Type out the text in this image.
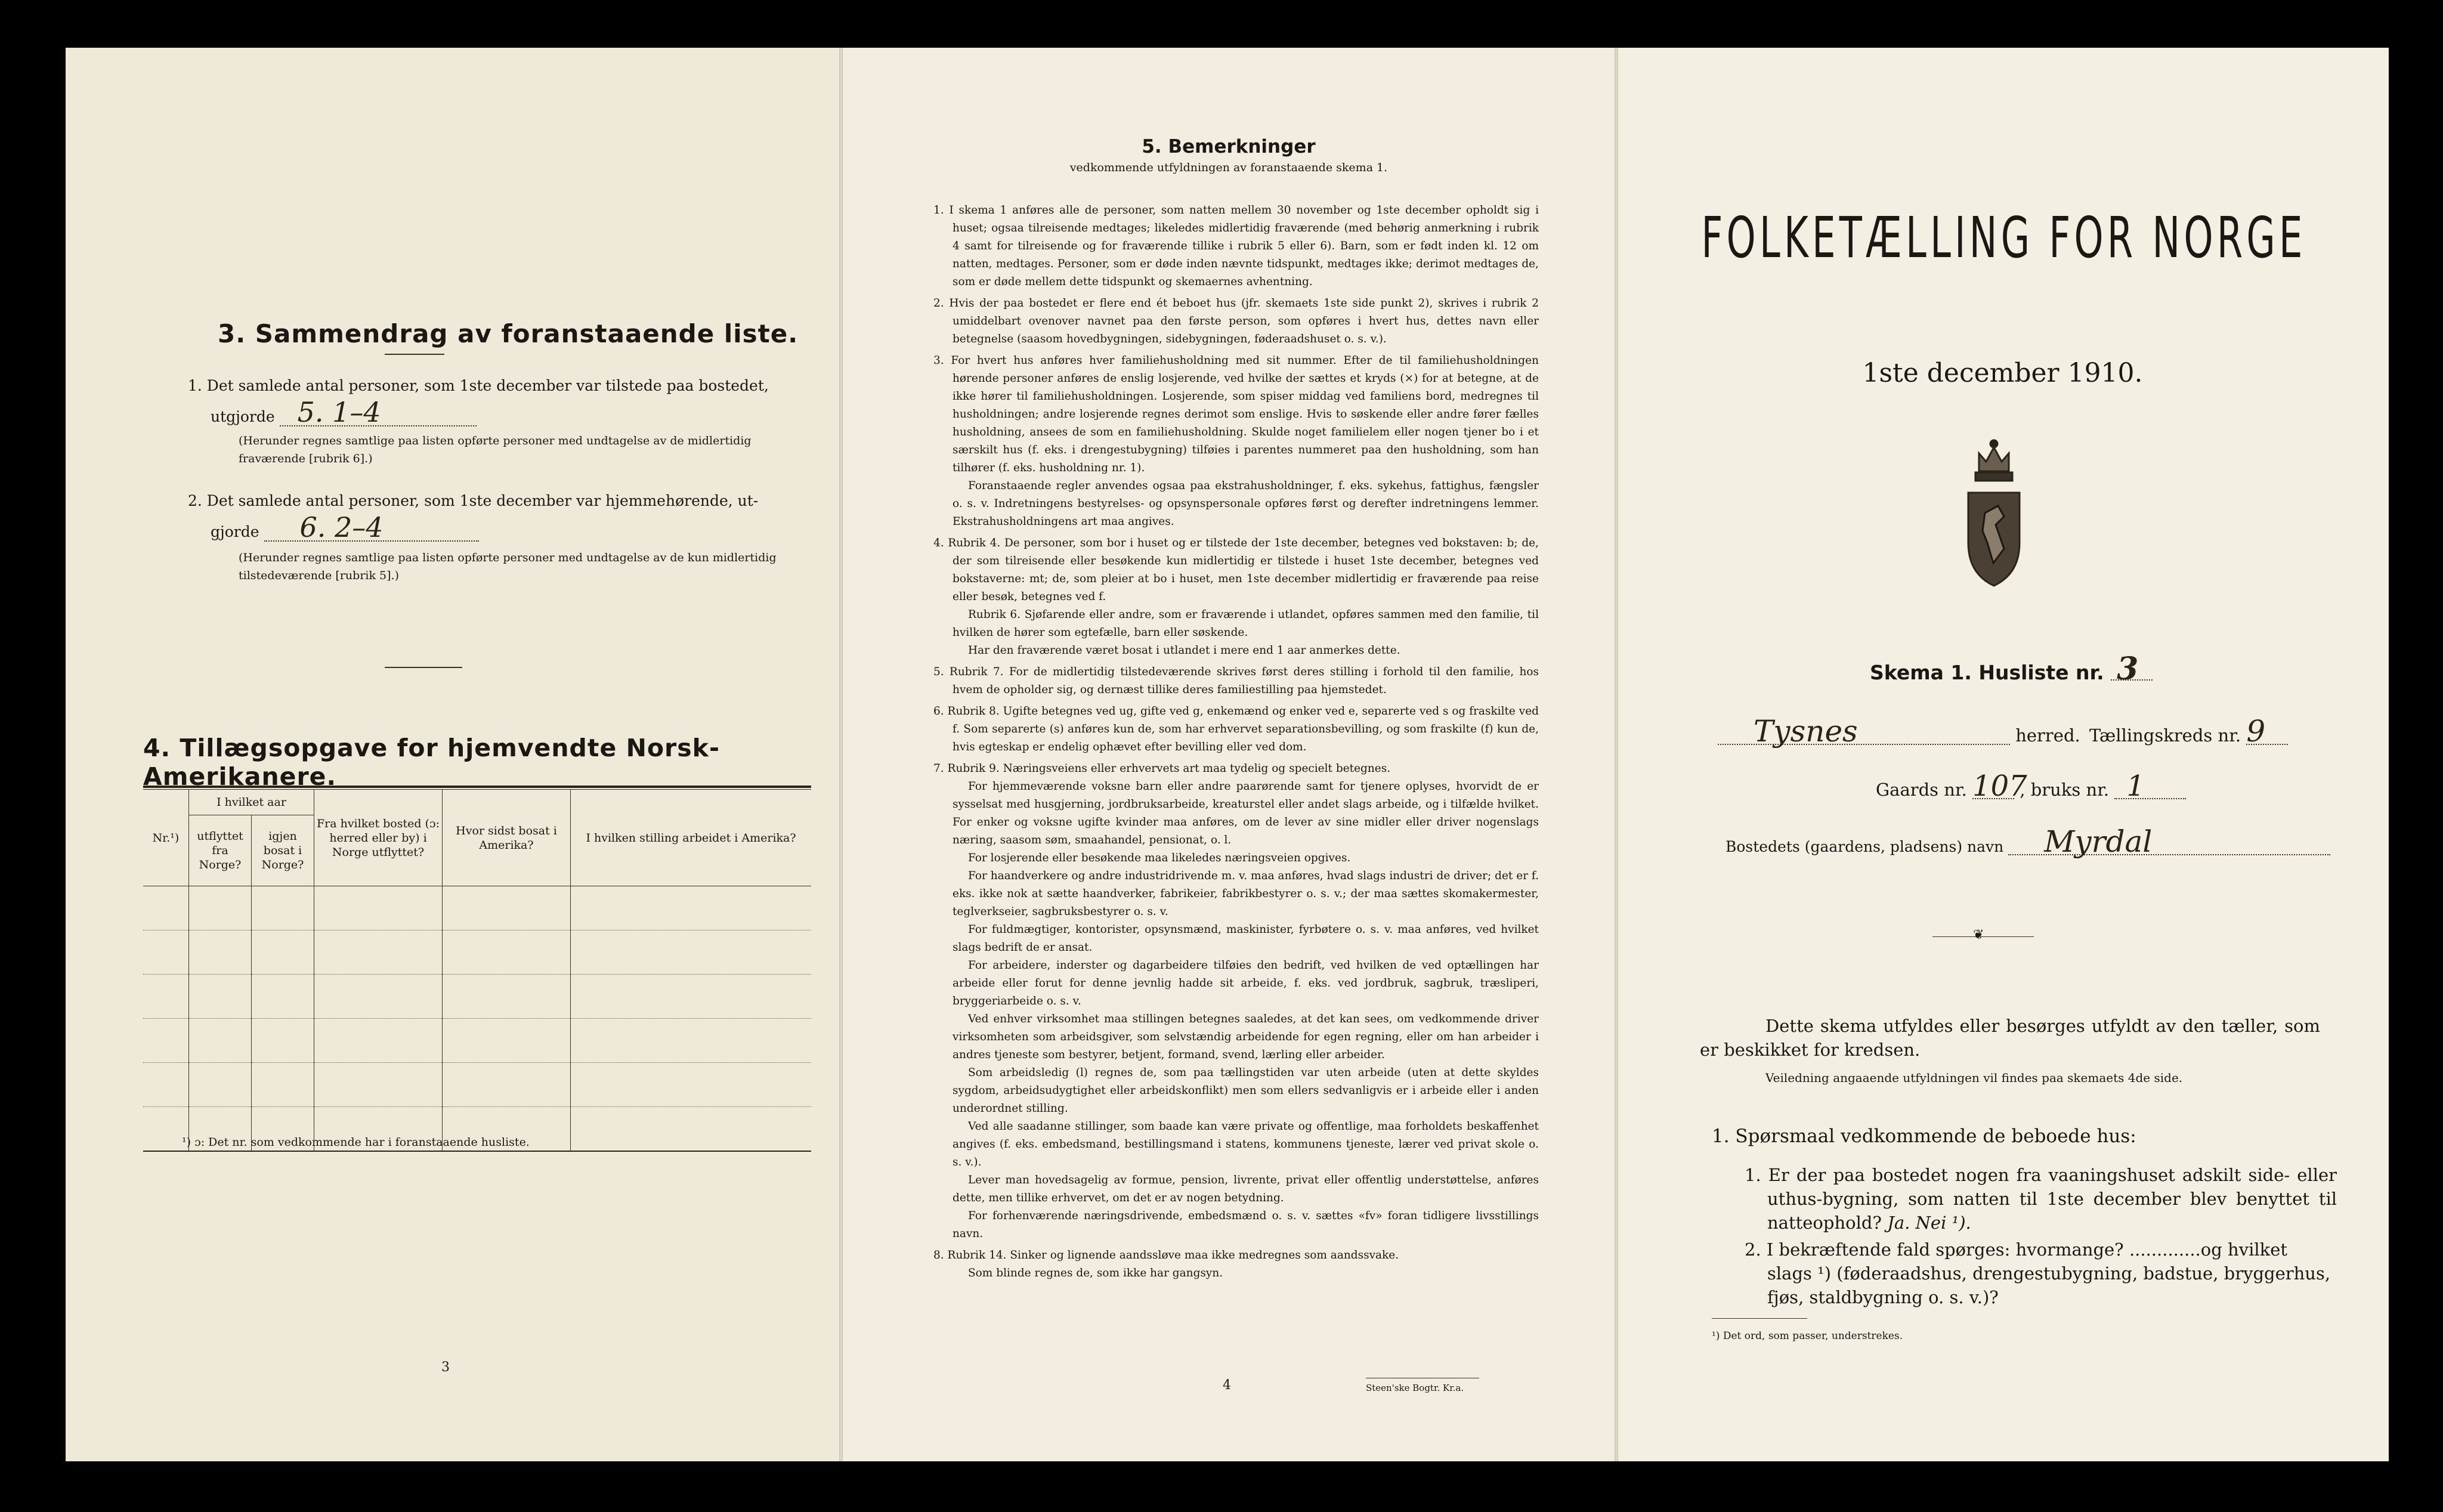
3. Sammendrag av foranstaaende liste.
1. Det samlede antal personer, som 1ste december var tilstede paa bostedet,
utgjorde 5. 1–4
(Herunder regnes samtlige paa listen opførte personer med undtagelse av de midlertidig fraværende [rubrik 6].)
2. Det samlede antal personer, som 1ste december var hjemmehørende, ut-
gjorde 6. 2–4
(Herunder regnes samtlige paa listen opførte personer med undtagelse av de kun midlertidig tilstedeværende [rubrik 5].)
4. Tillægsopgave for hjemvendte Norsk-Amerikanere.
Nr.¹)	I hvilket aar		Fra hvilket bosted (ɔ: herred eller by) i Norge utflyttet?	Hvor sidst bosat i Amerika?	I hvilken stilling arbeidet i Amerika?
	utflyttet fra Norge?	igjen bosat i Norge?			

¹) ɔ: Det nr. som vedkommende har i foranstaaende husliste.
3
5. Bemerkninger
vedkommende utfyldningen av foranstaaende skema 1.

1. I skema 1 anføres alle de personer, som natten mellem 30 november og 1ste december opholdt sig i huset; ogsaa tilreisende medtages; likeledes midlertidig fraværende (med behørig anmerkning i rubrik 4 samt for tilreisende og for fraværende tillike i rubrik 5 eller 6). Barn, som er født inden kl. 12 om natten, medtages. Personer, som er døde inden nævnte tidspunkt, medtages ikke; derimot medtages de, som er døde mellem dette tidspunkt og skemaernes avhentning.

2. Hvis der paa bostedet er flere end ét beboet hus (jfr. skemaets 1ste side punkt 2), skrives i rubrik 2 umiddelbart ovenover navnet paa den første person, som opføres i hvert hus, dettes navn eller betegnelse (saasom hovedbygningen, sidebygningen, føderaadshuset o. s. v.).

3. For hvert hus anføres hver familiehusholdning med sit nummer. Efter de til familiehusholdningen hørende personer anføres de enslig losjerende, ved hvilke der sættes et kryds (×) for at betegne, at de ikke hører til familiehusholdningen. Losjerende, som spiser middag ved familiens bord, medregnes til husholdningen; andre losjerende regnes derimot som enslige. Hvis to søskende eller andre fører fælles husholdning, ansees de som en familiehusholdning. Skulde noget familielem eller nogen tjener bo i et særskilt hus (f. eks. i drengestubygning) tilføies i parentes nummeret paa den husholdning, som han tilhører (f. eks. husholdning nr. 1).

Foranstaaende regler anvendes ogsaa paa ekstrahusholdninger, f. eks. sykehus, fattighus, fængsler o. s. v. Indretningens bestyrelses- og opsynspersonale opføres først og derefter indretningens lemmer. Ekstrahusholdningens art maa angives.

4. Rubrik 4. De personer, som bor i huset og er tilstede der 1ste december, betegnes ved bokstaven: b; de, der som tilreisende eller besøkende kun midlertidig er tilstede i huset 1ste december, betegnes ved bokstaverne: mt; de, som pleier at bo i huset, men 1ste december midlertidig er fraværende paa reise eller besøk, betegnes ved f.

Rubrik 6. Sjøfarende eller andre, som er fraværende i utlandet, opføres sammen med den familie, til hvilken de hører som egtefælle, barn eller søskende.

Har den fraværende været bosat i utlandet i mere end 1 aar anmerkes dette.

5. Rubrik 7. For de midlertidig tilstedeværende skrives først deres stilling i forhold til den familie, hos hvem de opholder sig, og dernæst tillike deres familiestilling paa hjemstedet.

6. Rubrik 8. Ugifte betegnes ved ug, gifte ved g, enkemænd og enker ved e, separerte ved s og fraskilte ved f. Som separerte (s) anføres kun de, som har erhvervet separationsbevilling, og som fraskilte (f) kun de, hvis egteskap er endelig ophævet efter bevilling eller ved dom.

7. Rubrik 9. Næringsveiens eller erhvervets art maa tydelig og specielt betegnes.

For hjemmeværende voksne barn eller andre paarørende samt for tjenere oplyses, hvorvidt de er sysselsat med husgjerning, jordbruksarbeide, kreaturstel eller andet slags arbeide, og i tilfælde hvilket. For enker og voksne ugifte kvinder maa anføres, om de lever av sine midler eller driver nogenslags næring, saasom søm, smaahandel, pensionat, o. l.

For losjerende eller besøkende maa likeledes næringsveien opgives.

For haandverkere og andre industridrivende m. v. maa anføres, hvad slags industri de driver; det er f. eks. ikke nok at sætte haandverker, fabrikeier, fabrikbestyrer o. s. v.; der maa sættes skomakermester, teglverkseier, sagbruksbestyrer o. s. v.

For fuldmægtiger, kontorister, opsynsmænd, maskinister, fyrbøtere o. s. v. maa anføres, ved hvilket slags bedrift de er ansat.

For arbeidere, inderster og dagarbeidere tilføies den bedrift, ved hvilken de ved optællingen har arbeide eller forut for denne jevnlig hadde sit arbeide, f. eks. ved jordbruk, sagbruk, træsliperi, bryggeriarbeide o. s. v.

Ved enhver virksomhet maa stillingen betegnes saaledes, at det kan sees, om vedkommende driver virksomheten som arbeidsgiver, som selvstændig arbeidende for egen regning, eller om han arbeider i andres tjeneste som bestyrer, betjent, formand, svend, lærling eller arbeider.

Som arbeidsledig (l) regnes de, som paa tællingstiden var uten arbeide (uten at dette skyldes sygdom, arbeidsudygtighet eller arbeidskonflikt) men som ellers sedvanligvis er i arbeide eller i anden underordnet stilling.

Ved alle saadanne stillinger, som baade kan være private og offentlige, maa forholdets beskaffenhet angives (f. eks. embedsmand, bestillingsmand i statens, kommunens tjeneste, lærer ved privat skole o. s. v.).

Lever man hovedsagelig av formue, pension, livrente, privat eller offentlig understøttelse, anføres dette, men tillike erhvervet, om det er av nogen betydning.

For forhenværende næringsdrivende, embedsmænd o. s. v. sættes «fv» foran tidligere livsstillings navn.

8. Rubrik 14. Sinker og lignende aandssløve maa ikke medregnes som aandssvake.

Som blinde regnes de, som ikke har gangsyn.

4	Steen'ske Bogtr. Kr.a.
FOLKETÆLLING FOR NORGE
1ste december 1910.
Skema 1. Husliste nr. 3
Tysnes	herred. Tællingskreds nr. 9
Gaards nr. 107 , bruks nr. 1
Bostedets (gaardens, pladsens) navn Myrdal
❦
Dette skema utfyldes eller besørges utfyldt av den tæller, som er beskikket for kredsen.
Veiledning angaaende utfyldningen vil findes paa skemaets 4de side.
1. Spørsmaal vedkommende de beboede hus:
1. Er der paa bostedet nogen fra vaaningshuset adskilt side- eller uthus-bygning, som natten til 1ste december blev benyttet til natteophold? Ja. Nei ¹).
2. I bekræftende fald spørges: hvormange? .............og hvilket slags ¹) (føderaadshus, drengestubygning, badstue, bryggerhus, fjøs, staldbygning o. s. v.)?
¹) Det ord, som passer, understrekes.
